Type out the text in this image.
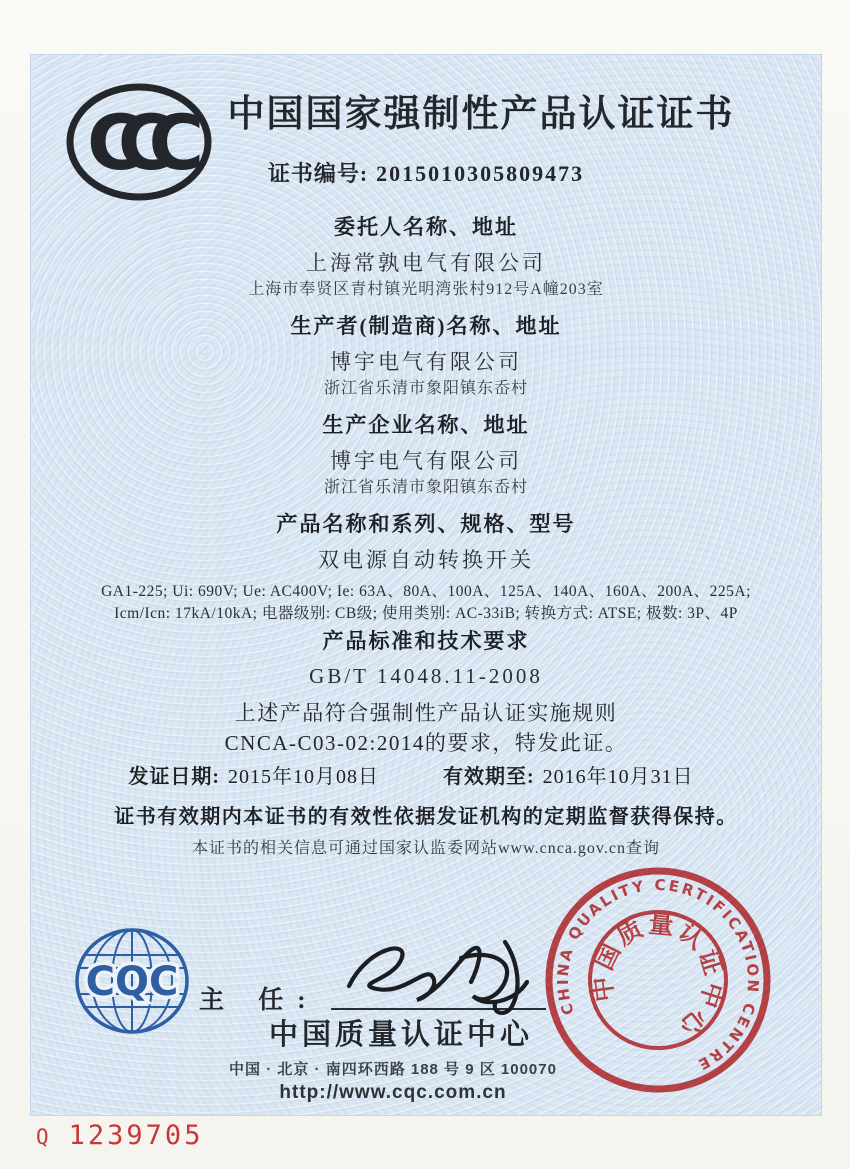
CCC	中国国家强制性产品认证证书
证书编号: 2015010305809473
委托人名称、地址
上海常孰电气有限公司
上海市奉贤区青村镇光明湾张村912号A幢203室
生产者(制造商)名称、地址
博宇电气有限公司
浙江省乐清市象阳镇东岙村
生产企业名称、地址
博宇电气有限公司
浙江省乐清市象阳镇东岙村
产品名称和系列、规格、型号
双电源自动转换开关
GA1-225; Ui: 690V; Ue: AC400V; Ie: 63A、80A、100A、125A、140A、160A、200A、225A; Icm/Icn: 17kA/10kA; 电器级别: CB级; 使用类别: AC-33iB; 转换方式: ATSE; 极数: 3P、4P
产品标准和技术要求
GB/T 14048.11-2008
上述产品符合强制性产品认证实施规则
CNCA-C03-02:2014的要求，特发此证。
发证日期: 2015年10月08日	有效期至: 2016年10月31日
证书有效期内本证书的有效性依据发证机构的定期监督获得保持。
本证书的相关信息可通过国家认监委网站www.cnca.gov.cn查询
CQC 主 任:
中国质量认证中心
中国 · 北京 · 南四环西路 188 号 9 区 100070
http://www.cqc.com.cn
CHINA QUALITY CERTIFICATION CENTRE
中国质量认证中心
Q 1239705
